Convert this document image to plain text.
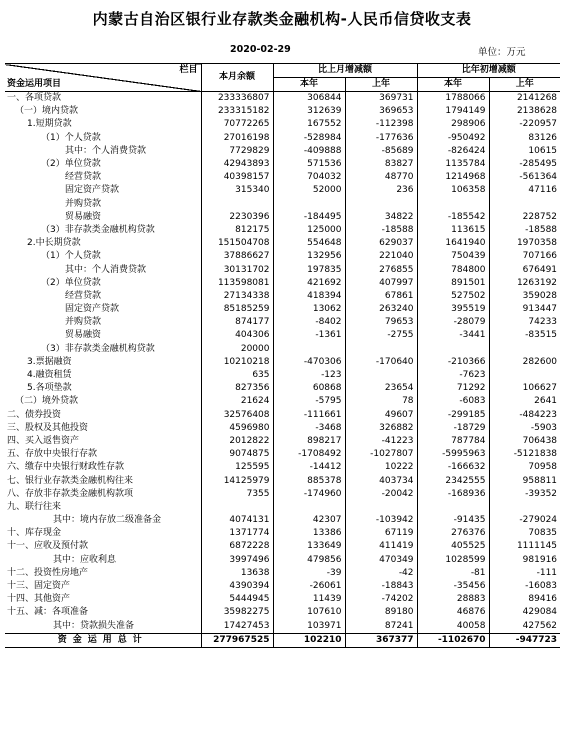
内蒙古自治区银行业存款类金融机构-人民币信贷收支表
2020-02-29	单位：万元
栏目
资金运用项目	本月余额	比上月增减额		比年初增减额	
		本年	上年	本年	上年
一、各项贷款	233336807	306844	369731	1788066	2141268
（一）境内贷款	233315182	312639	369653	1794149	2138628
1.短期贷款	70772265	167552	-112398	298906	-220957
（1）个人贷款	27016198	-528984	-177636	-950492	83126
其中：个人消费贷款	7729829	-409888	-85689	-826424	10615
（2）单位贷款	42943893	571536	83827	1135784	-285495
经营贷款	40398157	704032	48770	1214968	-561364
固定资产贷款	315340	52000	236	106358	47116
并购贷款					
贸易融资	2230396	-184495	34822	-185542	228752
（3）非存款类金融机构贷款	812175	125000	-18588	113615	-18588
2.中长期贷款	151504708	554648	629037	1641940	1970358
（1）个人贷款	37886627	132956	221040	750439	707166
其中：个人消费贷款	30131702	197835	276855	784800	676491
（2）单位贷款	113598081	421692	407997	891501	1263192
经营贷款	27134338	418394	67861	527502	359028
固定资产贷款	85185259	13062	263240	395519	913447
并购贷款	874177	-8402	79653	-28079	74233
贸易融资	404306	-1361	-2755	-3441	-83515
（3）非存款类金融机构贷款	20000				
3.票据融资	10210218	-470306	-170640	-210366	282600
4.融资租赁	635	-123		-7623	
5.各项垫款	827356	60868	23654	71292	106627
（二）境外贷款	21624	-5795	78	-6083	2641
二、债券投资	32576408	-111661	49607	-299185	-484223
三、股权及其他投资	4596980	-3468	326882	-18729	-5903
四、买入返售资产	2012822	898217	-41223	787784	706438
五、存放中央银行存款	9074875	-1708492	-1027807	-5995963	-5121838
六、缴存中央银行财政性存款	125595	-14412	10222	-166632	70958
七、银行业存款类金融机构往来	14125979	885378	403734	2342555	958811
八、存放非存款类金融机构款项	7355	-174960	-20042	-168936	-39352
九、联行往来					
其中：境内存放二级准备金	4074131	42307	-103942	-91435	-279024
十、库存现金	1371774	13386	67119	276376	70835
十一、应收及预付款	6872228	133649	411419	405525	1111145
其中：应收利息	3997496	479856	470349	1028599	981916
十二、投资性房地产	13638	-39	-42	-81	-111
十三、固定资产	4390394	-26061	-18843	-35456	-16083
十四、其他资产	5444945	11439	-74202	28883	89416
十五、减：各项准备	35982275	107610	89180	46876	429084
其中：贷款损失准备	17427453	103971	87241	40058	427562
资金运用总计	277967525	102210	367377	-1102670	-947723
